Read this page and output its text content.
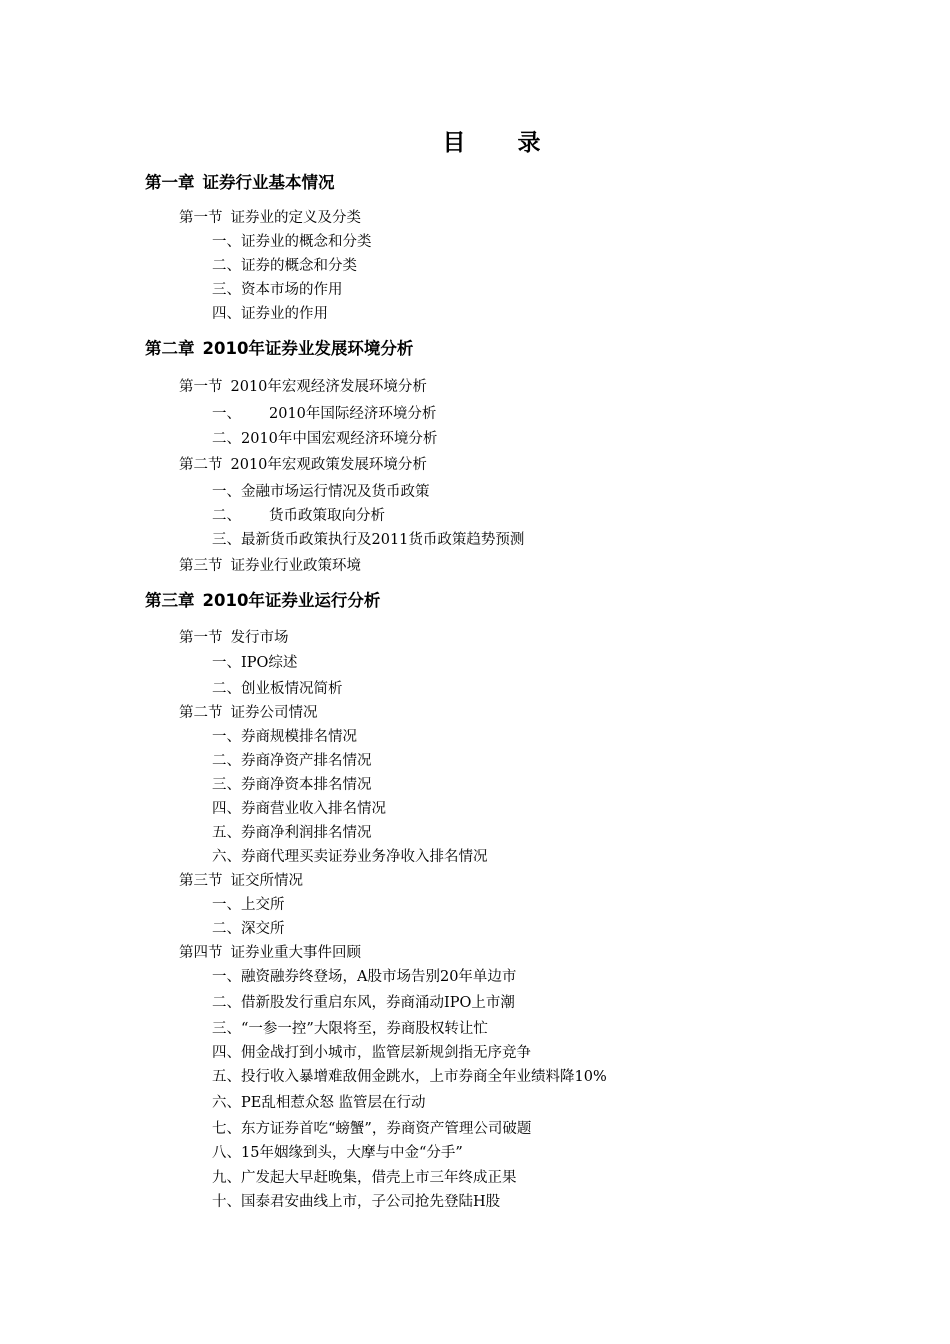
目 录
第一章 证券行业基本情况
第一节 证券业的定义及分类
一、证券业的概念和分类
二、证券的概念和分类
三、资本市场的作用
四、证券业的作用
第二章 2010年证券业发展环境分析
第一节 2010年宏观经济发展环境分析
一、 2010年国际经济环境分析
二、2010年中国宏观经济环境分析
第二节 2010年宏观政策发展环境分析
一、金融市场运行情况及货币政策
二、 货币政策取向分析
三、最新货币政策执行及2011货币政策趋势预测
第三节 证券业行业政策环境
第三章 2010年证券业运行分析
第一节 发行市场
一、IPO综述
二、创业板情况简析
第二节 证券公司情况
一、券商规模排名情况
二、券商净资产排名情况
三、券商净资本排名情况
四、券商营业收入排名情况
五、券商净利润排名情况
六、券商代理买卖证券业务净收入排名情况
第三节 证交所情况
一、上交所
二、深交所
第四节 证券业重大事件回顾
一、融资融券终登场，A股市场告别20年单边市
二、借新股发行重启东风，券商涌动IPO上市潮
三、“一参一控”大限将至，券商股权转让忙
四、佣金战打到小城市，监管层新规剑指无序竞争
五、投行收入暴增难敌佣金跳水，上市券商全年业绩料降10%
六、PE乱相惹众怒 监管层在行动
七、东方证券首吃“螃蟹”，券商资产管理公司破题
八、15年姻缘到头，大摩与中金“分手”
九、广发起大早赶晚集，借壳上市三年终成正果
十、国泰君安曲线上市，子公司抢先登陆H股
